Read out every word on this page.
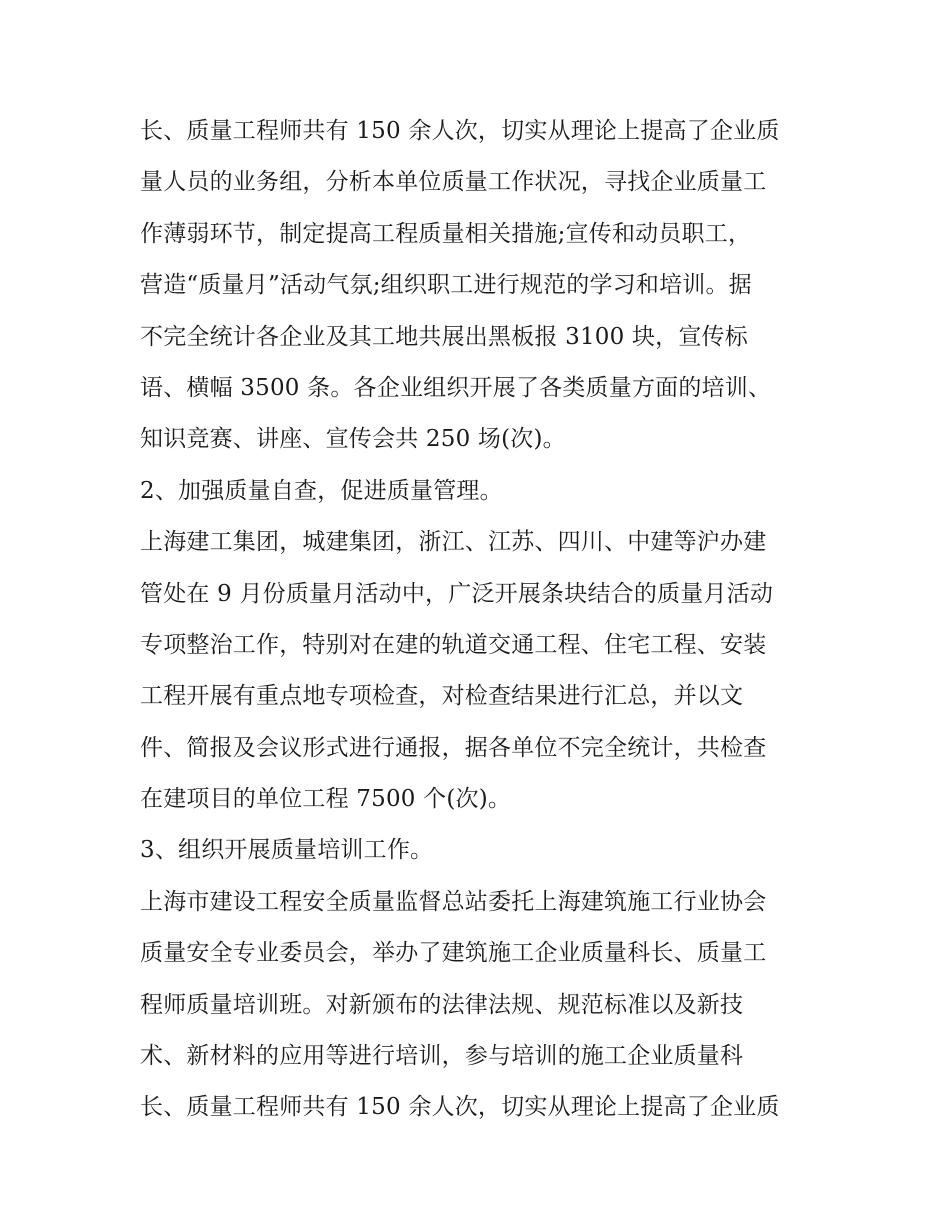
长、质量工程师共有 150 余人次，切实从理论上提高了企业质
量人员的业务组，分析本单位质量工作状况，寻找企业质量工
作薄弱环节，制定提高工程质量相关措施;宣传和动员职工，
营造“质量月”活动气氛;组织职工进行规范的学习和培训。据
不完全统计各企业及其工地共展出黑板报 3100 块，宣传标
语、横幅 3500 条。各企业组织开展了各类质量方面的培训、
知识竞赛、讲座、宣传会共 250 场(次)。
2、加强质量自查，促进质量管理。
上海建工集团，城建集团，浙江、江苏、四川、中建等沪办建
管处在 9 月份质量月活动中，广泛开展条块结合的质量月活动
专项整治工作，特别对在建的轨道交通工程、住宅工程、安装
工程开展有重点地专项检查，对检查结果进行汇总，并以文
件、简报及会议形式进行通报，据各单位不完全统计，共检查
在建项目的单位工程 7500 个(次)。
3、组织开展质量培训工作。
上海市建设工程安全质量监督总站委托上海建筑施工行业协会
质量安全专业委员会，举办了建筑施工企业质量科长、质量工
程师质量培训班。对新颁布的法律法规、规范标准以及新技
术、新材料的应用等进行培训，参与培训的施工企业质量科
长、质量工程师共有 150 余人次，切实从理论上提高了企业质
